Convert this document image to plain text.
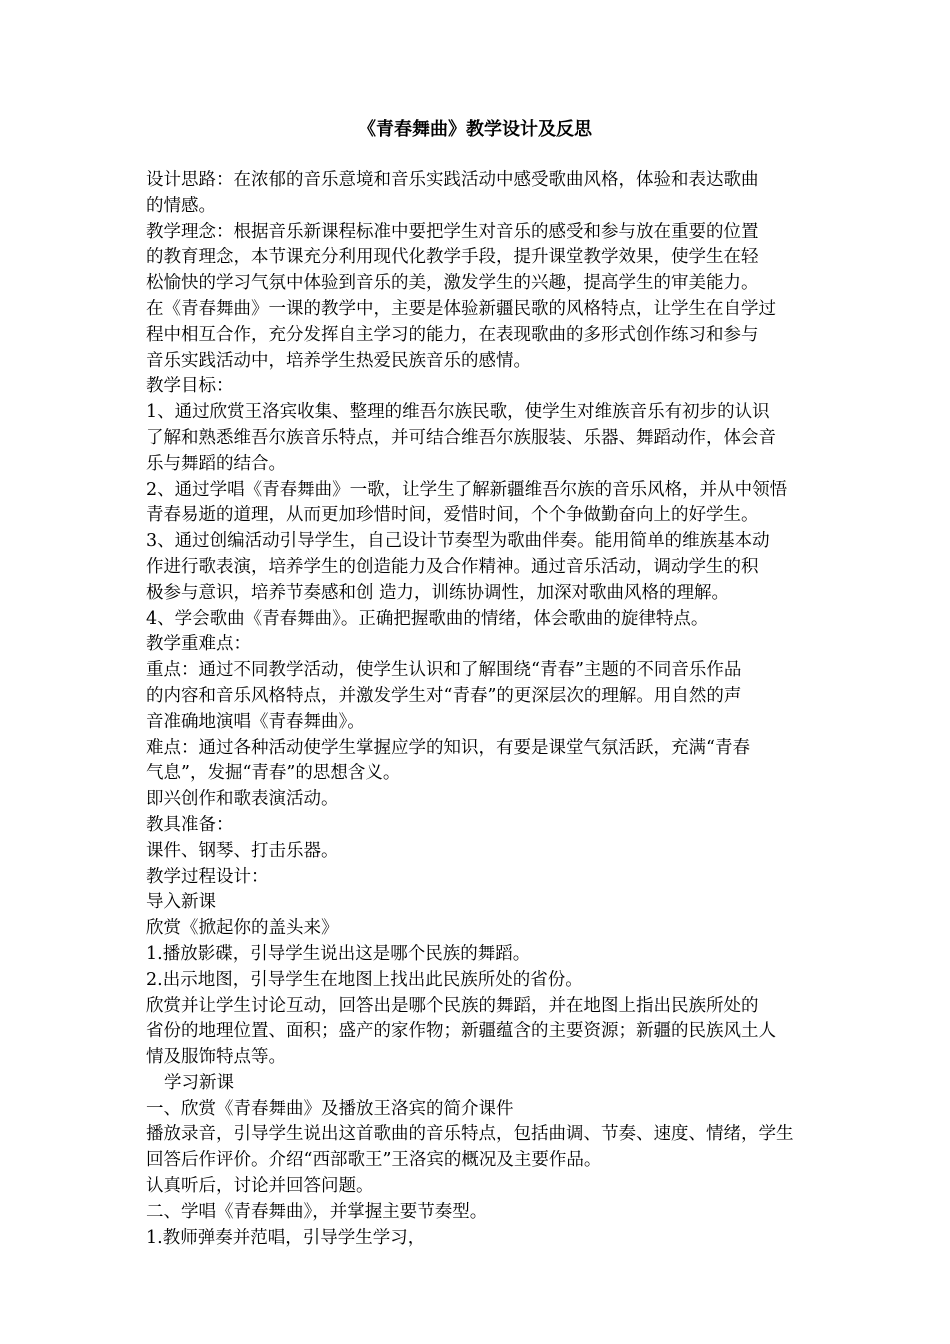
《青春舞曲》教学设计及反思
设计思路：在浓郁的音乐意境和音乐实践活动中感受歌曲风格，体验和表达歌曲
的情感。
教学理念：根据音乐新课程标准中要把学生对音乐的感受和参与放在重要的位置
的教育理念，本节课充分利用现代化教学手段，提升课堂教学效果，使学生在轻
松愉快的学习气氛中体验到音乐的美，激发学生的兴趣，提高学生的审美能力。
在《青春舞曲》一课的教学中，主要是体验新疆民歌的风格特点，让学生在自学过
程中相互合作，充分发挥自主学习的能力，在表现歌曲的多形式创作练习和参与
音乐实践活动中，培养学生热爱民族音乐的感情。
教学目标：
1、通过欣赏王洛宾收集、整理的维吾尔族民歌，使学生对维族音乐有初步的认识
了解和熟悉维吾尔族音乐特点，并可结合维吾尔族服装、乐器、舞蹈动作，体会音
乐与舞蹈的结合。
2、通过学唱《青春舞曲》一歌，让学生了解新疆维吾尔族的音乐风格，并从中领悟
青春易逝的道理，从而更加珍惜时间，爱惜时间，个个争做勤奋向上的好学生。
3、通过创编活动引导学生，自己设计节奏型为歌曲伴奏。能用简单的维族基本动
作进行歌表演，培养学生的创造能力及合作精神。通过音乐活动，调动学生的积
极参与意识，培养节奏感和创 造力，训练协调性，加深对歌曲风格的理解。
4、学会歌曲《青春舞曲》。正确把握歌曲的情绪，体会歌曲的旋律特点。
教学重难点：
重点：通过不同教学活动，使学生认识和了解围绕“青春”主题的不同音乐作品
的内容和音乐风格特点，并激发学生对“青春”的更深层次的理解。用自然的声
音准确地演唱《青春舞曲》。
难点：通过各种活动使学生掌握应学的知识，有要是课堂气氛活跃，充满“青春
气息”，发掘“青春”的思想含义。
即兴创作和歌表演活动。
教具准备：
课件、钢琴、打击乐器。
教学过程设计：
导入新课
欣赏《掀起你的盖头来》
1.播放影碟，引导学生说出这是哪个民族的舞蹈。
2.出示地图，引导学生在地图上找出此民族所处的省份。
欣赏并让学生讨论互动，回答出是哪个民族的舞蹈，并在地图上指出民族所处的
省份的地理位置、面积；盛产的家作物；新疆蕴含的主要资源；新疆的民族风土人
情及服饰特点等。
学习新课
一、欣赏《青春舞曲》及播放王洛宾的简介课件
播放录音，引导学生说出这首歌曲的音乐特点，包括曲调、节奏、速度、情绪，学生
回答后作评价。介绍“西部歌王”王洛宾的概况及主要作品。
认真听后，讨论并回答问题。
二、学唱《青春舞曲》，并掌握主要节奏型。
1.教师弹奏并范唱，引导学生学习，
